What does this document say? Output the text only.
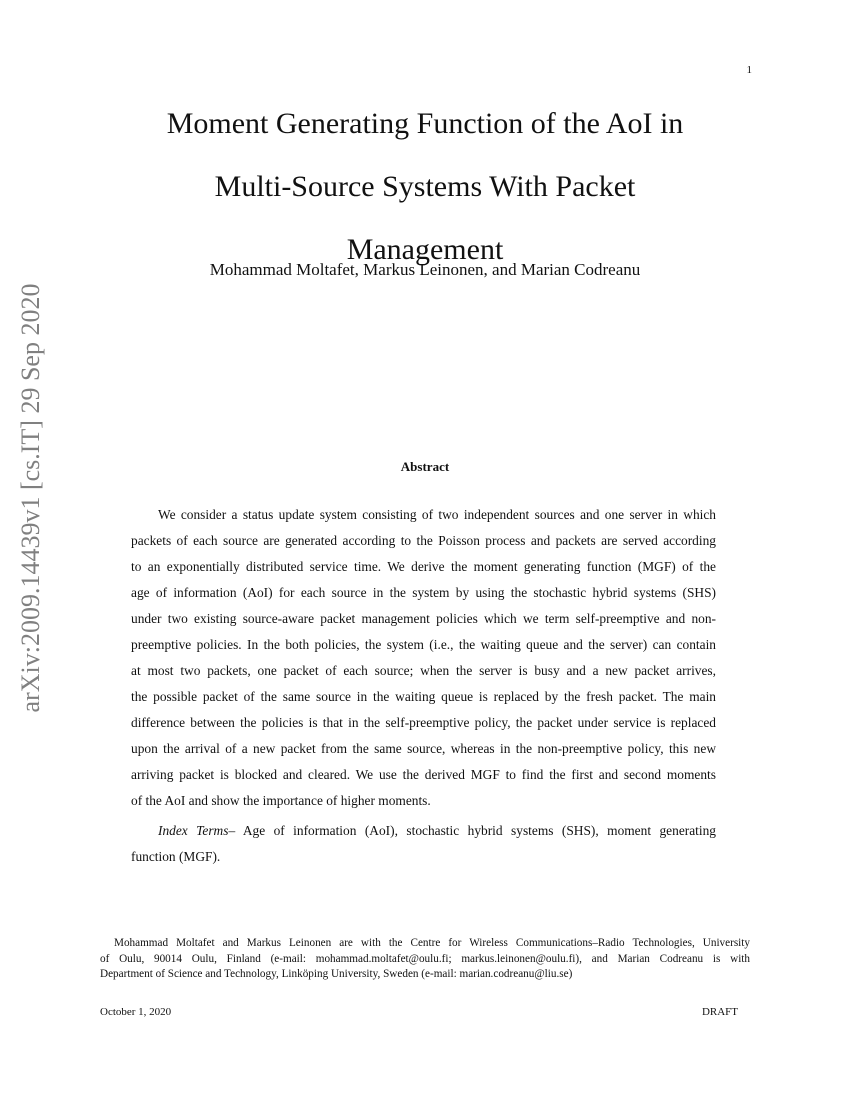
1
Moment Generating Function of the AoI in
Multi-Source Systems With Packet
Management
Mohammad Moltafet, Markus Leinonen, and Marian Codreanu
arXiv:2009.14439v1 [cs.IT] 29 Sep 2020	Abstract
We consider a status update system consisting of two independent sources and one server in which
packets of each source are generated according to the Poisson process and packets are served according
to an exponentially distributed service time. We derive the moment generating function (MGF) of the
age of information (AoI) for each source in the system by using the stochastic hybrid systems (SHS)
under two existing source-aware packet management policies which we term self-preemptive and non-
preemptive policies. In the both policies, the system (i.e., the waiting queue and the server) can contain
at most two packets, one packet of each source; when the server is busy and a new packet arrives,
the possible packet of the same source in the waiting queue is replaced by the fresh packet. The main
difference between the policies is that in the self-preemptive policy, the packet under service is replaced
upon the arrival of a new packet from the same source, whereas in the non-preemptive policy, this new
arriving packet is blocked and cleared. We use the derived MGF to find the first and second moments
of the AoI and show the importance of higher moments.
Index Terms– Age of information (AoI), stochastic hybrid systems (SHS), moment generating
function (MGF).
Mohammad Moltafet and Markus Leinonen are with the Centre for Wireless Communications–Radio Technologies, University
of Oulu, 90014 Oulu, Finland (e-mail: mohammad.moltafet@oulu.fi; markus.leinonen@oulu.fi), and Marian Codreanu is with
Department of Science and Technology, Linköping University, Sweden (e-mail: marian.codreanu@liu.se)
October 1, 2020	DRAFT
